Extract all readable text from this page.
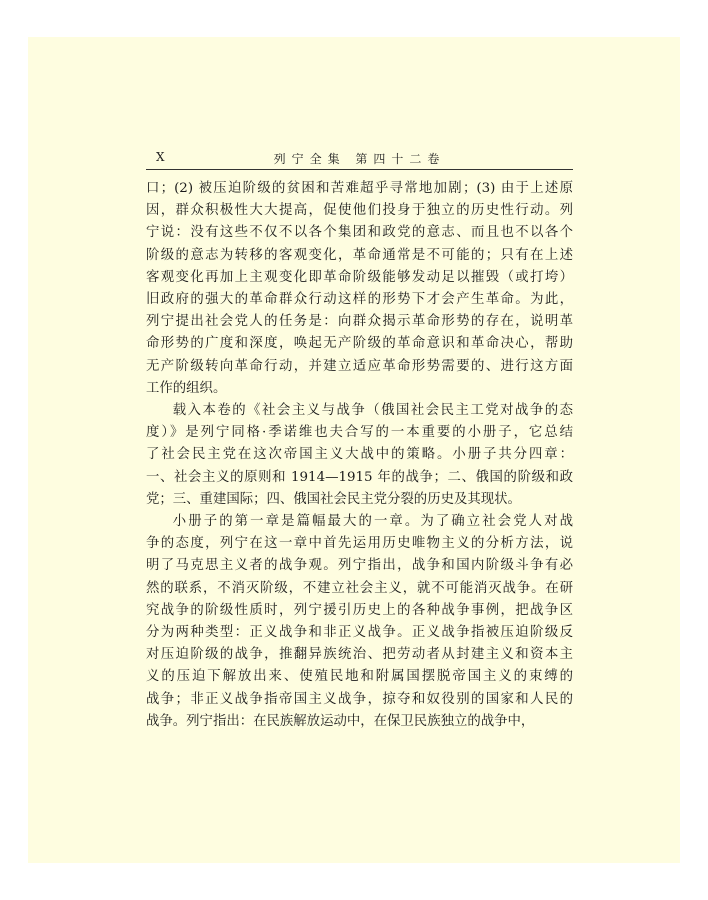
X	列宁全集 第四十二卷

口；(2) 被压迫阶级的贫困和苦难超乎寻常地加剧；(3) 由于上述原
因，群众积极性大大提高，促使他们投身于独立的历史性行动。列
宁说：没有这些不仅不以各个集团和政党的意志、而且也不以各个
阶级的意志为转移的客观变化，革命通常是不可能的；只有在上述
客观变化再加上主观变化即革命阶级能够发动足以摧毁（或打垮）
旧政府的强大的革命群众行动这样的形势下才会产生革命。为此，
列宁提出社会党人的任务是：向群众揭示革命形势的存在，说明革
命形势的广度和深度，唤起无产阶级的革命意识和革命决心，帮助
无产阶级转向革命行动，并建立适应革命形势需要的、进行这方面
工作的组织。

载入本卷的《社会主义与战争（俄国社会民主工党对战争的态
度）》是列宁同格·季诺维也夫合写的一本重要的小册子，它总结
了社会民主党在这次帝国主义大战中的策略。小册子共分四章：
一、社会主义的原则和 1914—1915 年的战争；二、俄国的阶级和政
党；三、重建国际；四、俄国社会民主党分裂的历史及其现状。

小册子的第一章是篇幅最大的一章。为了确立社会党人对战
争的态度，列宁在这一章中首先运用历史唯物主义的分析方法，说
明了马克思主义者的战争观。列宁指出，战争和国内阶级斗争有必
然的联系，不消灭阶级，不建立社会主义，就不可能消灭战争。在研
究战争的阶级性质时，列宁援引历史上的各种战争事例，把战争区
分为两种类型：正义战争和非正义战争。正义战争指被压迫阶级反
对压迫阶级的战争，推翻异族统治、把劳动者从封建主义和资本主
义的压迫下解放出来、使殖民地和附属国摆脱帝国主义的束缚的
战争；非正义战争指帝国主义战争，掠夺和奴役别的国家和人民的
战争。列宁指出：在民族解放运动中，在保卫民族独立的战争中，
